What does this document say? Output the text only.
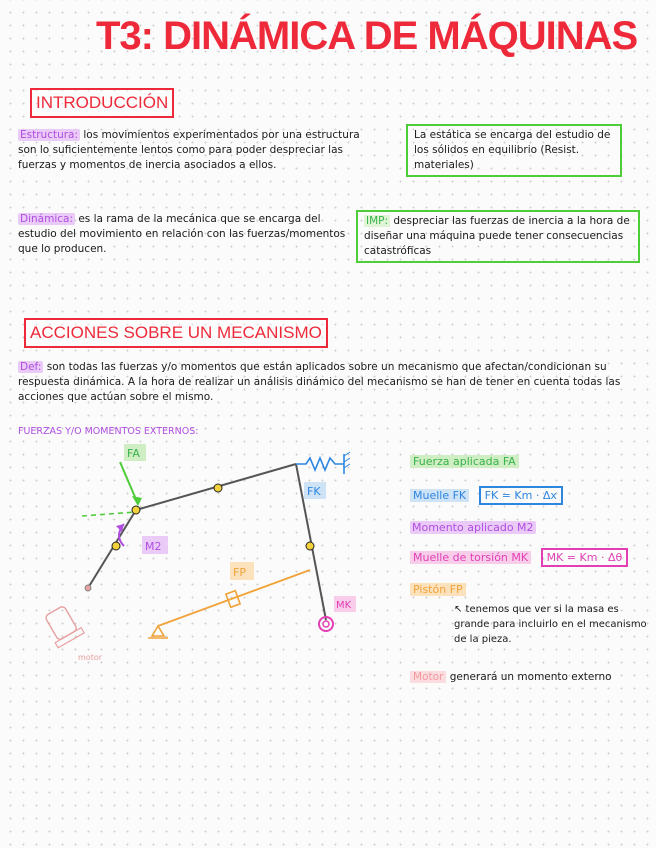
T3: DINÁMICA DE MÁQUINAS
INTRODUCCIÓN
Estructura: los movimientos experimentados por una estructura son lo suficientemente lentos como para poder despreciar las fuerzas y momentos de inercia asociados a ellos.
La estática se encarga del estudio de los sólidos en equilibrio (Resist. materiales)
Dinámica: es la rama de la mecánica que se encarga del estudio del movimiento en relación con las fuerzas/momentos que lo producen.
IMP: despreciar las fuerzas de inercia a la hora de diseñar una máquina puede tener consecuencias catastróficas
ACCIONES SOBRE UN MECANISMO
Def: son todas las fuerzas y/o momentos que están aplicados sobre un mecanismo que afectan/condicionan su respuesta dinámica. A la hora de realizar un análisis dinámico del mecanismo se han de tener en cuenta todas las acciones que actúan sobre el mismo.
FUERZAS Y/O MOMENTOS EXTERNOS:
FA
FK
M2
FP
MK
motor
Fuerza aplicada FA
Muelle FK FK = Km · Δx
Momento aplicado M2
Muelle de torsión MK MK = Km · Δθ
Pistón FP
↖ tenemos que ver si la masa es grande para incluirlo en el mecanismo de la pieza.
Motor generará un momento externo
